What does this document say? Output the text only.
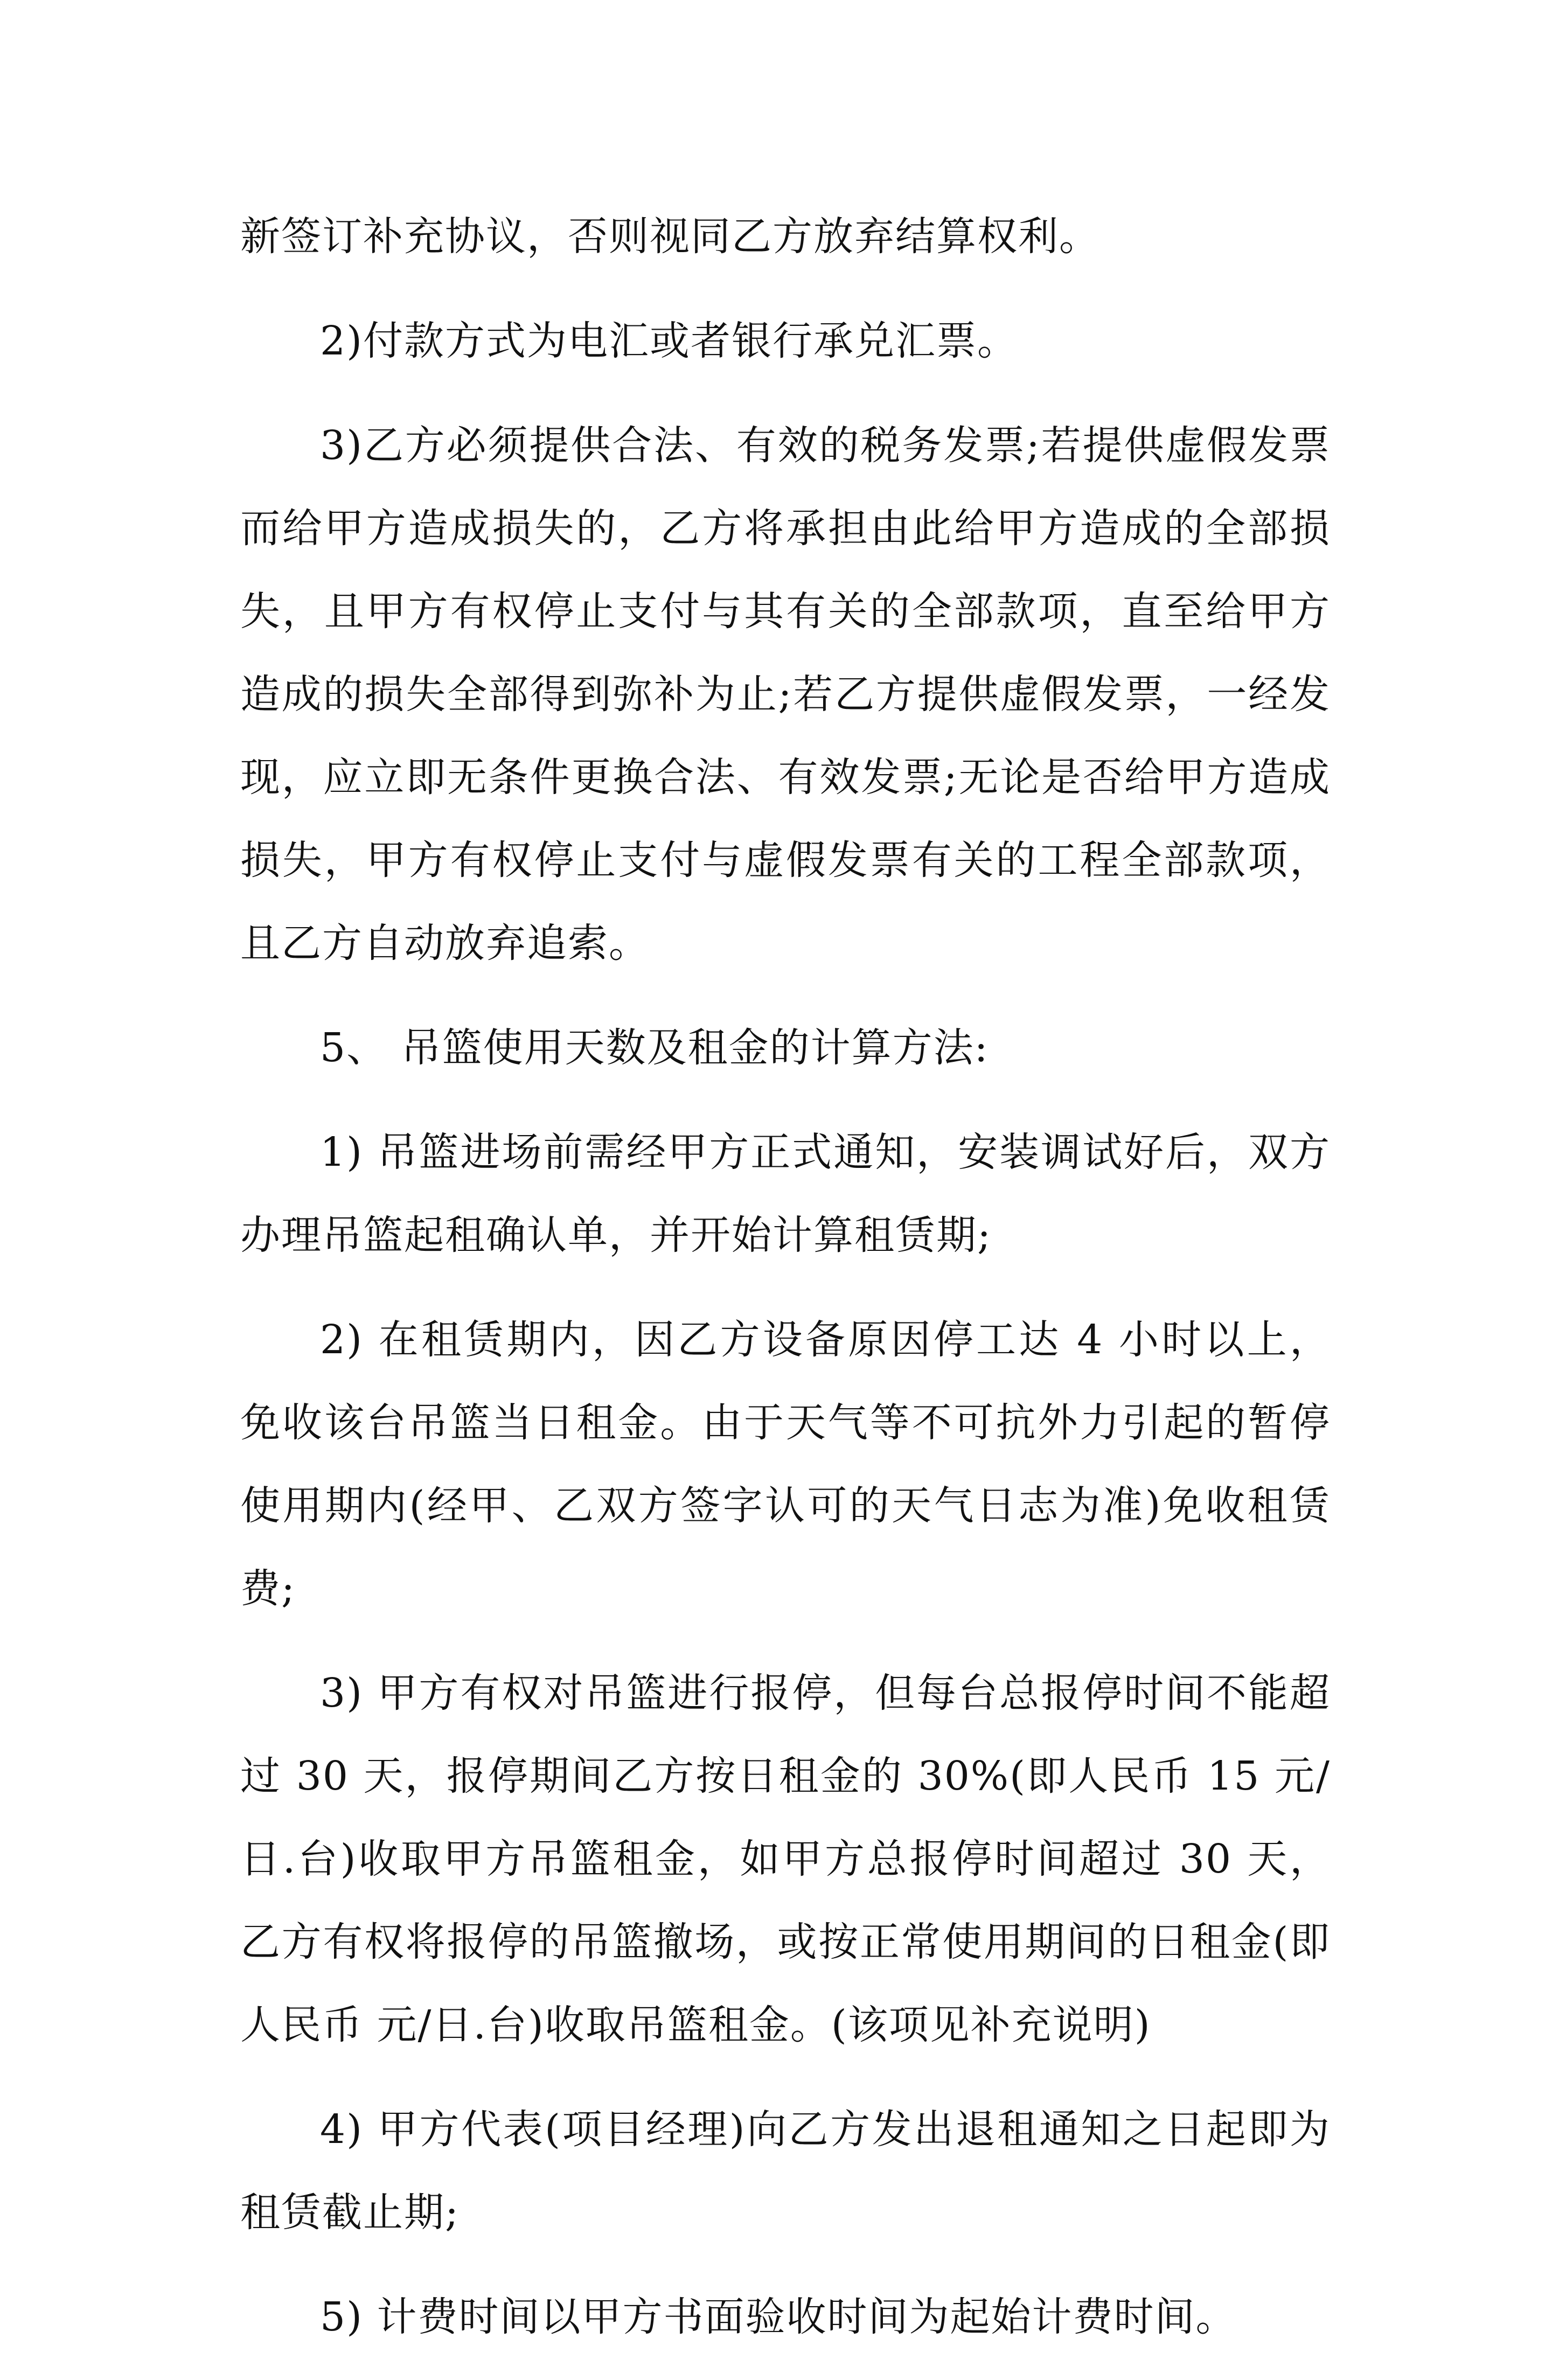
新签订补充协议，否则视同乙方放弃结算权利。

2)付款方式为电汇或者银行承兑汇票。

3)乙方必须提供合法、有效的税务发票;若提供虚假发票而给甲方造成损失的，乙方将承担由此给甲方造成的全部损失，且甲方有权停止支付与其有关的全部款项，直至给甲方造成的损失全部得到弥补为止;若乙方提供虚假发票，一经发现，应立即无条件更换合法、有效发票;无论是否给甲方造成损失，甲方有权停止支付与虚假发票有关的工程全部款项，且乙方自动放弃追索。

5、 吊篮使用天数及租金的计算方法:

1) 吊篮进场前需经甲方正式通知，安装调试好后，双方办理吊篮起租确认单，并开始计算租赁期;

2) 在租赁期内，因乙方设备原因停工达 4 小时以上，免收该台吊篮当日租金。由于天气等不可抗外力引起的暂停使用期内(经甲、乙双方签字认可的天气日志为准)免收租赁费;

3) 甲方有权对吊篮进行报停，但每台总报停时间不能超过 30 天，报停期间乙方按日租金的 30%(即人民币 15 元/日.台)收取甲方吊篮租金，如甲方总报停时间超过 30 天，乙方有权将报停的吊篮撤场，或按正常使用期间的日租金(即人民币 元/日.台)收取吊篮租金。(该项见补充说明)

4) 甲方代表(项目经理)向乙方发出退租通知之日起即为租赁截止期;

5) 计费时间以甲方书面验收时间为起始计费时间。
